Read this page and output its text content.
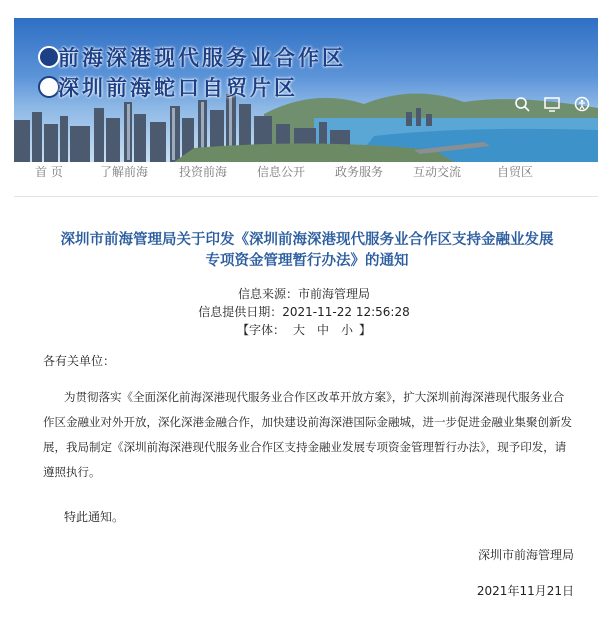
前海深港现代服务业合作区
深圳前海蛇口自贸片区
首 页	了解前海	投资前海	信息公开	政务服务	互动交流	自贸区
深圳市前海管理局关于印发《深圳前海深港现代服务业合作区支持金融业发展
专项资金管理暂行办法》的通知
信息来源：市前海管理局
信息提供日期：2021-11-22 12:56:28
【字体： 大 中 小 】
各有关单位：
为贯彻落实《全面深化前海深港现代服务业合作区改革开放方案》，扩大深圳前海深港现代服务业合
作区金融业对外开放，深化深港金融合作，加快建设前海深港国际金融城，进一步促进金融业集聚创新发
展，我局制定《深圳前海深港现代服务业合作区支持金融业发展专项资金管理暂行办法》，现予印发，请
遵照执行。
特此通知。
深圳市前海管理局
2021年11月21日
